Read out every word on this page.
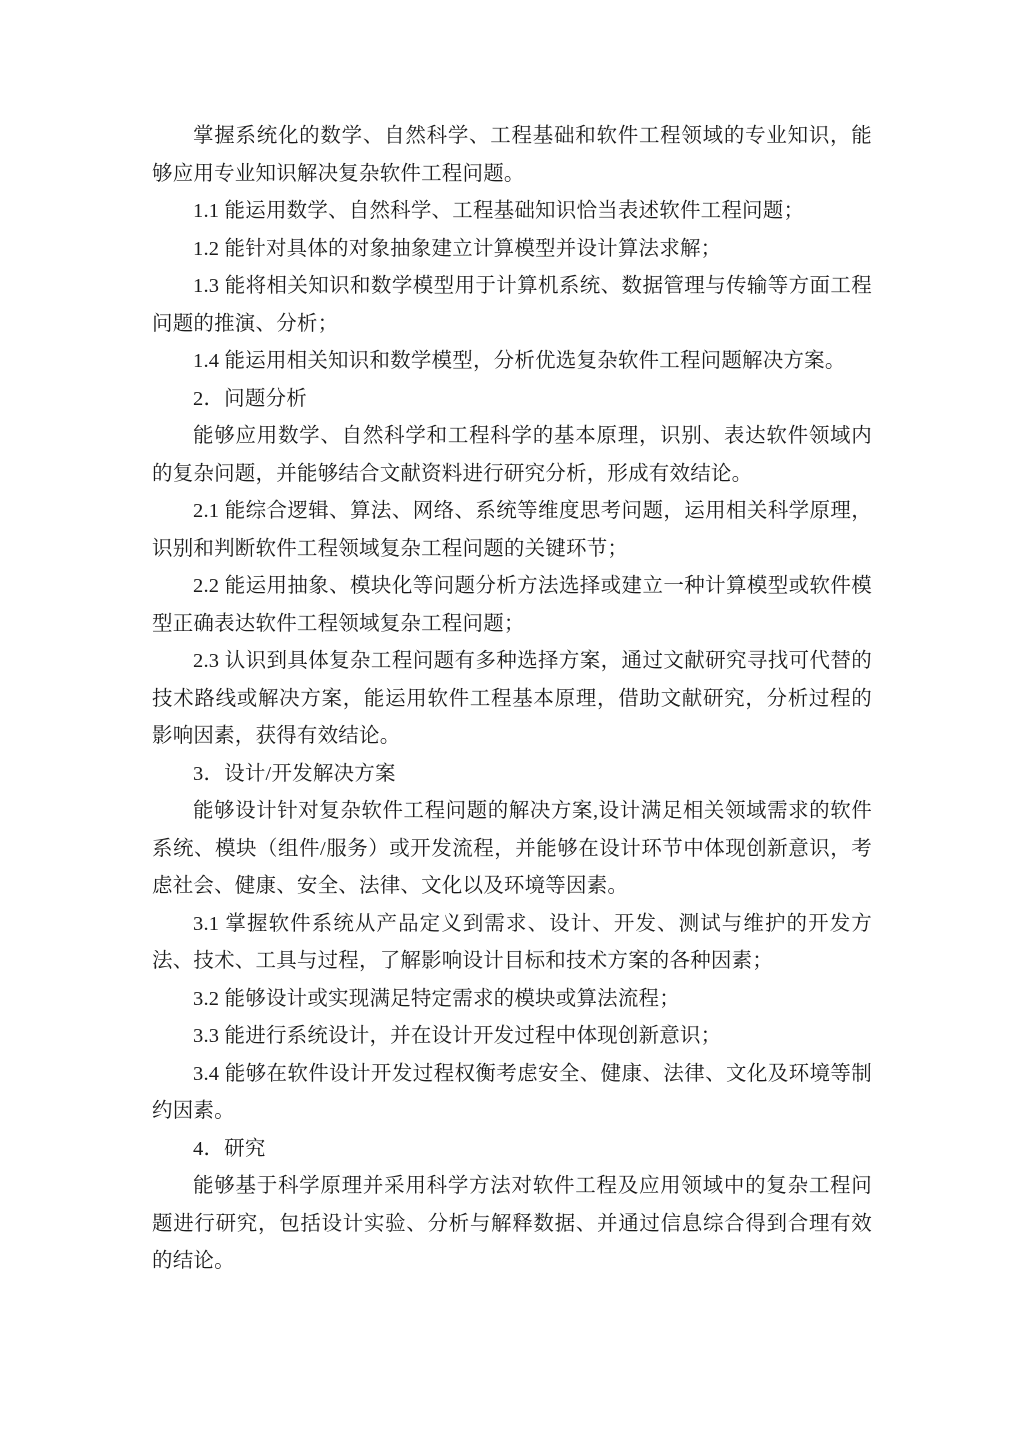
掌握系统化的数学、自然科学、工程基础和软件工程领域的专业知识，能够应用专业知识解决复杂软件工程问题。

1.1 能运用数学、自然科学、工程基础知识恰当表述软件工程问题；

1.2 能针对具体的对象抽象建立计算模型并设计算法求解；

1.3 能将相关知识和数学模型用于计算机系统、数据管理与传输等方面工程问题的推演、分析；

1.4 能运用相关知识和数学模型，分析优选复杂软件工程问题解决方案。

2．问题分析

能够应用数学、自然科学和工程科学的基本原理，识别、表达软件领域内的复杂问题，并能够结合文献资料进行研究分析，形成有效结论。

2.1 能综合逻辑、算法、网络、系统等维度思考问题，运用相关科学原理，识别和判断软件工程领域复杂工程问题的关键环节；

2.2 能运用抽象、模块化等问题分析方法选择或建立一种计算模型或软件模型正确表达软件工程领域复杂工程问题；

2.3 认识到具体复杂工程问题有多种选择方案，通过文献研究寻找可代替的技术路线或解决方案，能运用软件工程基本原理，借助文献研究，分析过程的影响因素，获得有效结论。

3．设计/开发解决方案

能够设计针对复杂软件工程问题的解决方案,设计满足相关领域需求的软件系统、模块（组件/服务）或开发流程，并能够在设计环节中体现创新意识，考虑社会、健康、安全、法律、文化以及环境等因素。

3.1 掌握软件系统从产品定义到需求、设计、开发、测试与维护的开发方法、技术、工具与过程，了解影响设计目标和技术方案的各种因素；

3.2 能够设计或实现满足特定需求的模块或算法流程；

3.3 能进行系统设计，并在设计开发过程中体现创新意识；

3.4 能够在软件设计开发过程权衡考虑安全、健康、法律、文化及环境等制约因素。

4．研究

能够基于科学原理并采用科学方法对软件工程及应用领域中的复杂工程问题进行研究，包括设计实验、分析与解释数据、并通过信息综合得到合理有效的结论。
